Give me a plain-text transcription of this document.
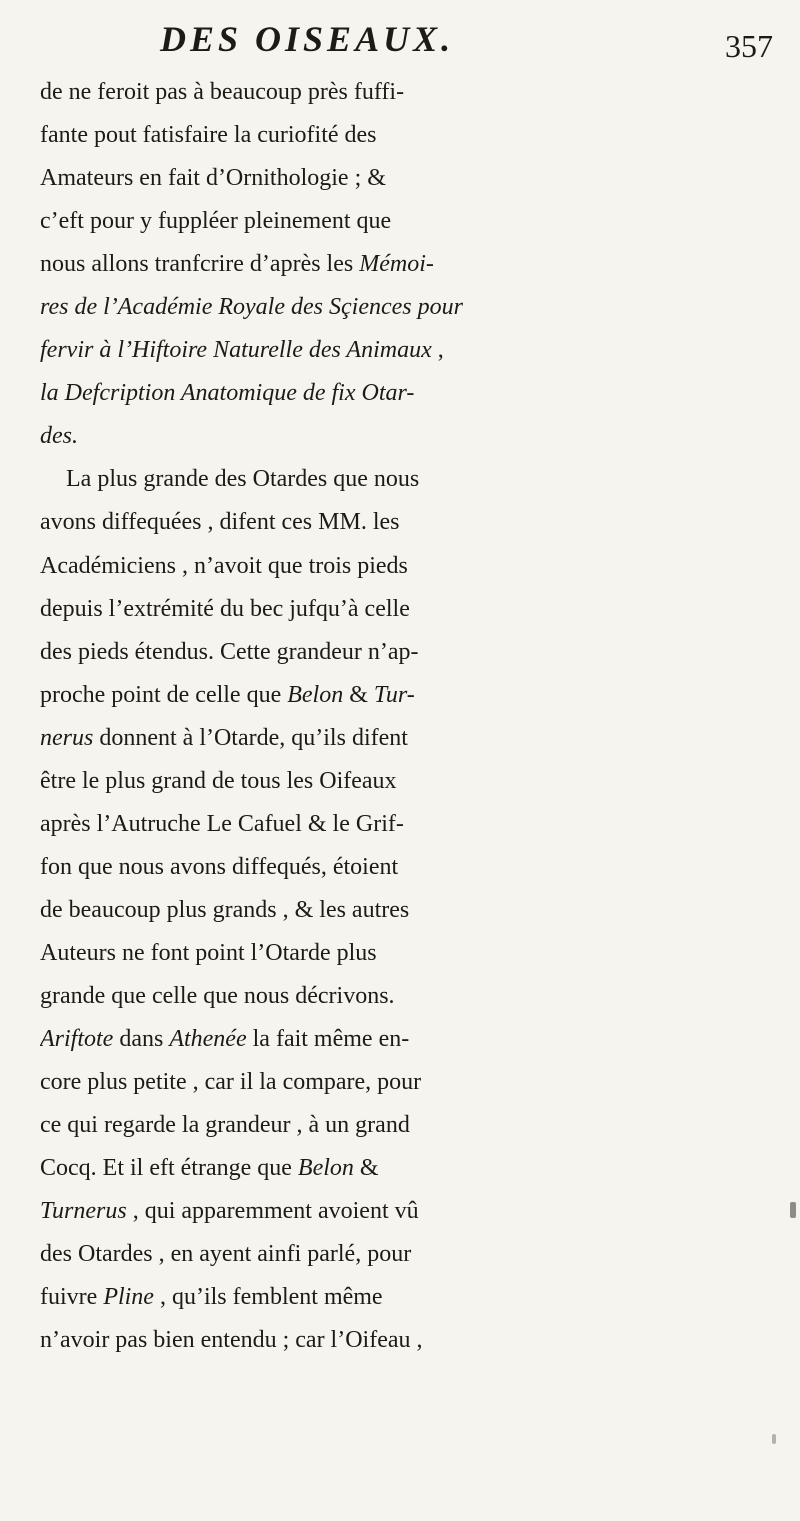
DES OISEAUX.	357
de ne feroit pas à beaucoup près fuffi-
fante pout fatisfaire la curiofité des
Amateurs en fait d’Ornithologie ; &
c’eft pour y fuppléer pleinement que
nous allons tranfcrire d’après les Mémoi-
res de l’Académie Royale des Sçiences pour
fervir à l’Hiftoire Naturelle des Animaux ,
la Defcription Anatomique de fix Otar-
des.
La plus grande des Otardes que nous
avons diffequées , difent ces MM. les
Académiciens , n’avoit que trois pieds
depuis l’extrémité du bec jufqu’à celle
des pieds étendus. Cette grandeur n’ap-
proche point de celle que Belon & Tur-
nerus donnent à l’Otarde, qu’ils difent
être le plus grand de tous les Oifeaux
après l’Autruche Le Cafuel & le Grif-
fon que nous avons diffequés, étoient
de beaucoup plus grands , & les autres
Auteurs ne font point l’Otarde plus
grande que celle que nous décrivons.
Ariftote dans Athenée la fait même en-
core plus petite , car il la compare, pour
ce qui regarde la grandeur , à un grand
Cocq. Et il eft étrange que Belon &
Turnerus , qui apparemment avoient vû
des Otardes , en ayent ainfi parlé, pour
fuivre Pline , qu’ils femblent même
n’avoir pas bien entendu ; car l’Oifeau ,
